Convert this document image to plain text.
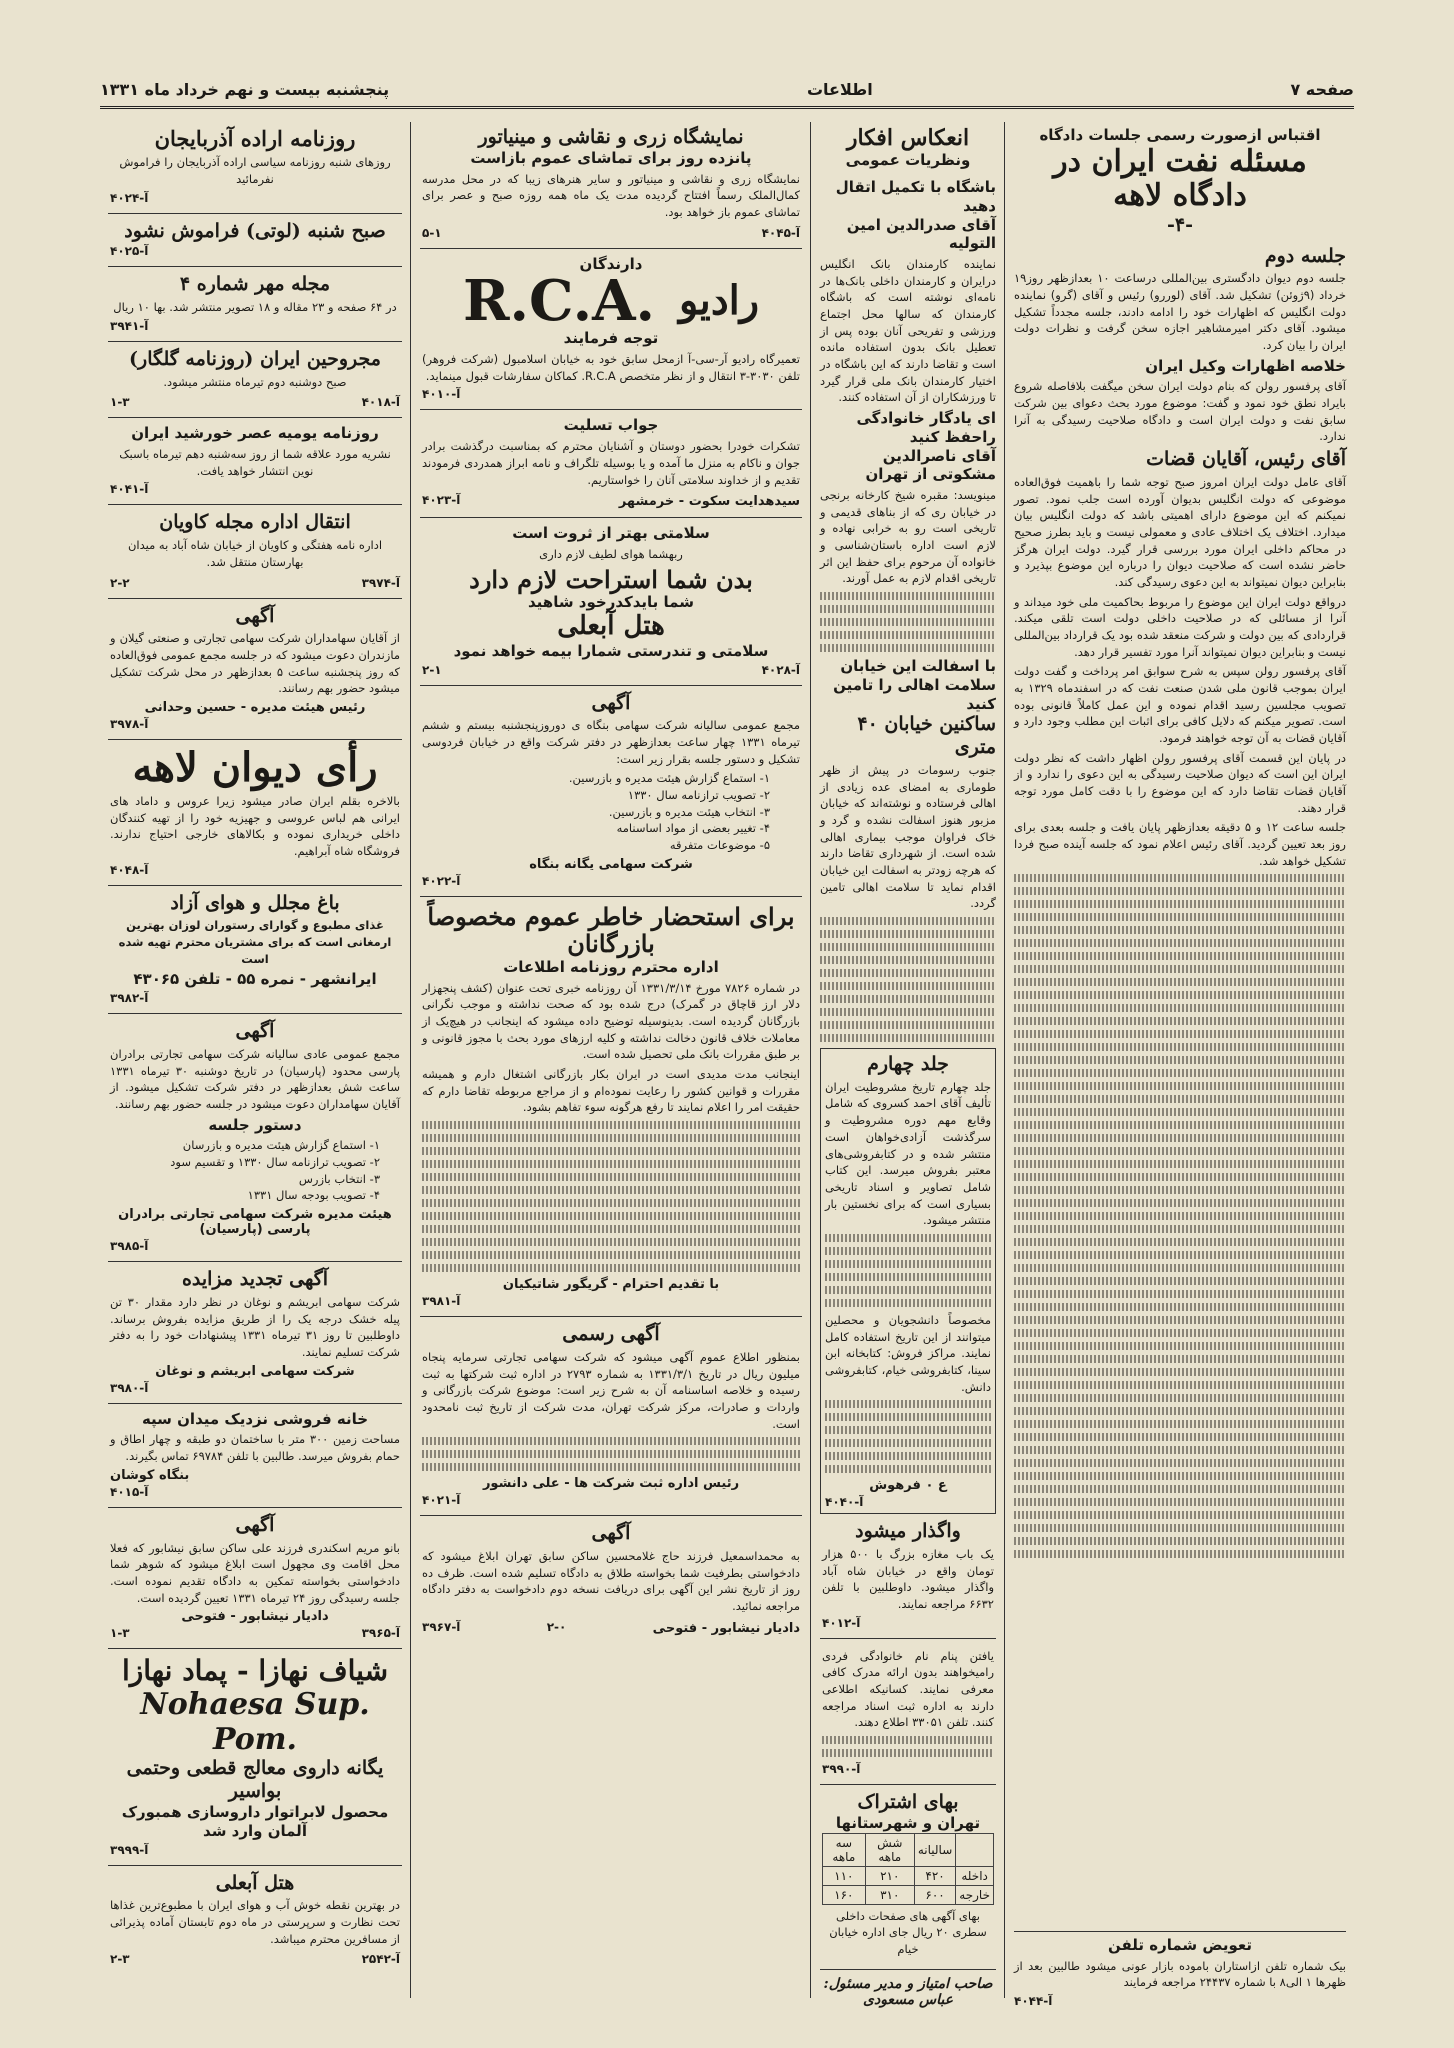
صفحه ۷
اطلاعات
پنجشنبه بیست و نهم خرداد ماه ۱۳۳۱
اقتباس ازصورت رسمی جلسات دادگاه
مسئله نفت ایران در دادگاه لاهه
-۴-
جلسه دوم

جلسه دوم دیوان دادگستری بین‌المللی درساعت ۱۰ بعدازظهر روز۱۹ خرداد (۹ژوئن) تشکیل شد. آقای (لوررو) رئیس و آقای (گرو) نماینده دولت انگلیس که اظهارات خود را ادامه دادند، جلسه مجدداً تشکیل میشود. آقای دکتر امیرمشاهیر اجازه سخن گرفت و نظرات دولت ایران را بیان کرد.

خلاصه اظهارات وکیل ایران

آقای پرفسور رولن که بنام دولت ایران سخن میگفت بلافاصله شروع بایراد نطق خود نمود و گفت: موضوع مورد بحث دعوای بین شرکت سابق نفت و دولت ایران است و دادگاه صلاحیت رسیدگی به آنرا ندارد.

آقای رئیس، آقایان قضات

آقای عامل دولت ایران امروز صبح توجه شما را باهمیت فوق‌العاده موضوعی که دولت انگلیس بدیوان آورده است جلب نمود. تصور نمیکنم که این موضوع دارای اهمیتی باشد که دولت انگلیس بیان میدارد. اختلاف یک اختلاف عادی و معمولی نیست و باید بطرز صحیح در محاکم داخلی ایران مورد بررسی قرار گیرد. دولت ایران هرگز حاضر نشده است که صلاحیت دیوان را درباره این موضوع بپذیرد و بنابراین دیوان نمیتواند به این دعوی رسیدگی کند.

درواقع دولت ایران این موضوع را مربوط بحاکمیت ملی خود میداند و آنرا از مسائلی که در صلاحیت داخلی دولت است تلقی میکند. قراردادی که بین دولت و شرکت منعقد شده بود یک قرارداد بین‌المللی نیست و بنابراین دیوان نمیتواند آنرا مورد تفسیر قرار دهد.

آقای پرفسور رولن سپس به شرح سوابق امر پرداخت و گفت دولت ایران بموجب قانون ملی شدن صنعت نفت که در اسفندماه ۱۳۲۹ به تصویب مجلسین رسید اقدام نموده و این عمل کاملاً قانونی بوده است. تصویر میکنم که دلایل کافی برای اثبات این مطلب وجود دارد و آقایان قضات به آن توجه خواهند فرمود.

در پایان این قسمت آقای پرفسور رولن اظهار داشت که نظر دولت ایران این است که دیوان صلاحیت رسیدگی به این دعوی را ندارد و از آقایان قضات تقاضا دارد که این موضوع را با دقت کامل مورد توجه قرار دهند.

جلسه ساعت ۱۲ و ۵ دقیقه بعدازظهر پایان یافت و جلسه بعدی برای روز بعد تعیین گردید. آقای رئیس اعلام نمود که جلسه آینده صبح فردا تشکیل خواهد شد.

تعویض شماره تلفن

بیک شماره تلفن ازاستاران باموده بازار عونی میشود طالبین بعد از ظهرها ۱ الی۸ با شماره ۲۴۴۳۷ مراجعه فرمایند

آ-۴۰۴۴
انعکاس افکار
ونظریات عمومی
باشگاه با تکمیل اتقال دهید
آقای صدرالدین امین التولیه

نماینده کارمندان بانک انگلیس درایران و کارمندان داخلی بانک‌ها در نامه‌ای نوشته است که باشگاه کارمندان که سالها محل اجتماع ورزشی و تفریحی آنان بوده پس از تعطیل بانک بدون استفاده مانده است و تقاضا دارند که این باشگاه در اختیار کارمندان بانک ملی قرار گیرد تا ورزشکاران از آن استفاده کنند.

ای یادگار خانوادگی راحفظ کنید
آقای ناصرالدین مشکوتی از تهران

مینویسد: مقبره شیخ کارخانه برنجی در خیابان ری که از بناهای قدیمی و تاریخی است رو به خرابی نهاده و لازم است اداره باستان‌شناسی و خانواده آن مرحوم برای حفظ این اثر تاریخی اقدام لازم به عمل آورند.

با اسفالت این خیابان سلامت اهالی را تامین کنید
ساکنین خیابان ۴۰ متری

جنوب رسومات در پیش از ظهر طومار‌ی به امضای عده زیادی از اهالی فرستاده و نوشته‌اند که خیابان مزبور هنوز اسفالت نشده و گرد و خاک فراوان موجب بیماری اهالی شده است. از شهرداری تقاضا دارند که هرچه زودتر به اسفالت این خیابان اقدام نماید تا سلامت اهالی تامین گردد.

جلد چهارم

جلد چهارم تاریخ مشروطیت ایران تألیف آقای احمد کسروی که شامل وقایع مهم دوره مشروطیت و سرگذشت آزادی‌خواهان است منتشر شده و در کتابفروشی‌های معتبر بفروش میرسد. این کتاب شامل تصاویر و اسناد تاریخی بسیاری است که برای نخستین بار منتشر میشود.

مخصوصاً دانشجویان و محصلین میتوانند از این تاریخ استفاده کامل نمایند. مراکز فروش: کتابخانه ابن سینا، کتابفروشی خیام، کتابفروشی دانش.

ع ۰ فرهوش
آ-۴۰۴۰
واگذار میشود

یک باب مغازه بزرگ با ۵۰۰ هزار تومان واقع در خیابان شاه آباد واگذار میشود. داوطلبین با تلفن ۶۶۳۲ مراجعه نمایند.

آ-۴۰۱۲

یافتن پنام نام خانوادگی فردی رامیخواهند بدون ارائه مدرک کافی معرفی نمایند. کسانیکه اطلاعی دارند به اداره ثبت اسناد مراجعه کنند. تلفن ۳۳۰۵۱ اطلاع دهند.

آ-۳۹۹۰
بهای اشتراک
تهران و شهرستانها
	سالیانه	شش ماهه	سه ماهه
داخله	۴۲۰	۲۱۰	۱۱۰
خارجه	۶۰۰	۳۱۰	۱۶۰

بهای آگهی های صفحات داخلی سطری ۲۰ ریال جای اداره خیابان خیام

صاحب امتیاز و مدیر مسئول: عباس مسعودی
نمایشگاه زری و نقاشی و مینیاتور
پانزده روز برای تماشای عموم بازاست

نمایشگاه زری و نقاشی و مینیاتور و سایر هنرهای زیبا که در محل مدرسه کمال‌الملک رسماً افتتاح گردیده مدت یک ماه همه روزه صبح و عصر برای تماشای عموم باز خواهد بود.

۵-۱	آ-۴۰۴۵
دارندگان
رادیو
R.C.A.
توجه فرمایند

تعمیرگاه رادیو آر-سی-آ ازمحل سابق خود به خیابان اسلامبول (شرکت فروهر) تلفن ۳۰۳۰-۳ انتقال و از نظر متخصص R.C.A. کماکان سفارشات قبول مینماید.

آ-۴۰۱۰
جواب تسلیت

تشکرات خودرا بحضور دوستان و آشنایان محترم که بمناسبت درگذشت برادر جوان و ناکام به منزل ما آمده و یا بوسیله تلگراف و نامه ابراز همدردی فرمودند تقدیم و از خداوند سلامتی آنان را خواستاریم.

سیدهدایت سکوت - خرمشهر
آ-۴۰۲۳
سلامتی بهتر از ثروت است
ربهشما هوای لطیف لازم داری
بدن شما استراحت لازم دارد
شما بایدکدرخود شاهید
هتل آبعلی
سلامتی و تندرستی شمارا بیمه خواهد نمود
۲-۱	آ-۴۰۲۸
آگهی

مجمع عمومی سالیانه شرکت سهامی بنگاه ی دوروزپنجشنبه بیستم و ششم تیرماه ۱۳۳۱ چهار ساعت بعدازظهر در دفتر شرکت واقع در خیابان فردوسی تشکیل و دستور جلسه بقرار زیر است:

۱- استماع گزارش هیئت مدیره و بازرسین.

۲- تصویب ترازنامه سال ۱۳۳۰

۳- انتخاب هیئت مدیره و بازرسین.

۴- تغییر بعضی از مواد اساسنامه

۵- موضوعات متفرقه

شرکت سهامی یگانه بنگاه
آ-۴۰۲۲
برای استحضار خاطر عموم مخصوصاً بازرگانان
اداره محترم روزنامه اطلاعات

در شماره ۷۸۲۶ مورخ ۱۳۳۱/۳/۱۴ آن روزنامه خبری تحت عنوان (کشف پنجهزار دلار ارز قاچاق در گمرک) درج شده بود که صحت نداشته و موجب نگرانی بازرگانان گردیده است. بدینوسیله توضیح داده میشود که اینجانب در هیچ‌یک از معاملات خلاف قانون دخالت نداشته و کلیه ارزهای مورد بحث با مجوز قانونی و بر طبق مقررات بانک ملی تحصیل شده است.

اینجانب مدت مدیدی است در ایران بکار بازرگانی اشتغال دارم و همیشه مقررات و قوانین کشور را رعایت نموده‌ام و از مراجع مربوطه تقاضا دارم که حقیقت امر را اعلام نمایند تا رفع هرگونه سوء تفاهم بشود.

با تقدیم احترام - گریگور شاتیکیان
آ-۳۹۸۱
آگهی رسمی

بمنظور اطلاع عموم آگهی میشود که شرکت سهامی تجارتی سرمایه پنجاه میلیون ریال در تاریخ ۱۳۳۱/۳/۱ به شماره ۲۷۹۳ در اداره ثبت شرکتها به ثبت رسیده و خلاصه اساسنامه آن به شرح زیر است: موضوع شرکت بازرگانی و واردات و صادرات، مرکز شرکت تهران، مدت شرکت از تاریخ ثبت نامحدود است.

رئیس اداره ثبت شرکت ها - علی دانشور
آ-۴۰۲۱
آگهی

به محمداسمعیل فرزند حاج غلامحسین ساکن سابق تهران ابلاغ میشود که دادخواستی بطرفیت شما بخواسته طلاق به دادگاه تسلیم شده است. ظرف ده روز از تاریخ نشر این آگهی برای دریافت نسخه دوم دادخواست به دفتر دادگاه مراجعه نمائید.

دادیار نیشابور - فتوحی
۲-۰
آ-۳۹۶۷
روزنامه اراده آذربایجان

روزهای شنبه روزنامه سیاسی اراده آذربایجان را فراموش نفرمائید

آ-۴۰۲۴
صبح شنبه (لوتی) فراموش نشود
آ-۴۰۲۵
مجله مهر شماره ۴

در ۶۴ صفحه و ۲۳ مقاله و ۱۸ تصویر منتشر شد. بها ۱۰ ریال

آ-۳۹۴۱
مجروحین ایران (روزنامه گلگار)

صبح دوشنبه دوم تیرماه منتشر میشود.

۱-۳	آ-۴۰۱۸
روزنامه یومیه عصر خورشید ایران

نشریه مورد علاقه شما از روز سه‌شنبه دهم تیرماه باسبک نوین انتشار خواهد یافت.

آ-۴۰۴۱
انتقال اداره مجله کاویان

اداره نامه هفتگی و کاویان از خیابان شاه آباد به میدان بهارستان منتقل شد.

۲-۲	آ-۳۹۷۴
آگهی

از آقایان سهامداران شرکت سهامی تجارتی و صنعتی گیلان و مازندران دعوت میشود که در جلسه مجمع عمومی فوق‌العاده که روز پنجشنبه ساعت ۵ بعدازظهر در محل شرکت تشکیل میشود حضور بهم رسانند.

رئیس هیئت مدیره - حسین وحدانی
آ-۳۹۷۸
رأی دیوان لاهه

بالاخره بقلم ایران صادر میشود زیرا عروس و داماد های ایرانی هم لباس عروسی و جهیزیه خود را از تهیه کنندگان داخلی خریداری نموده و بکالاهای خارجی احتیاج ندارند. فروشگاه شاه آبراهیم.

آ-۴۰۴۸
باغ مجلل و هوای آزاد

غذای مطبوع و گوارای رستوران لوزان بهترین ارمغانی است که برای مشتریان محترم تهیه شده است

ایرانشهر - نمره ۵۵ - تلفن ۴۳۰۶۵
آ-۳۹۸۲
آگهی

مجمع عمومی عادی سالیانه شرکت سهامی تجارتی برادران پارسی محدود (پارسیان) در تاریخ دوشنبه ۳۰ تیرماه ۱۳۳۱ ساعت شش بعدازظهر در دفتر شرکت تشکیل میشود. از آقایان سهامداران دعوت میشود در جلسه حضور بهم رسانند.

دستور جلسه

۱- استماع گزارش هیئت مدیره و بازرسان

۲- تصویب ترازنامه سال ۱۳۳۰ و تقسیم سود

۳- انتخاب بازرس

۴- تصویب بودجه سال ۱۳۳۱

هیئت مدیره شرکت سهامی تجارتی برادران پارسی (پارسیان)
آ-۳۹۸۵
آگهی تجدید مزایده

شرکت سهامی ابریشم و نوغان در نظر دارد مقدار ۳۰ تن پیله خشک درجه یک را از طریق مزایده بفروش برساند. داوطلبین تا روز ۳۱ تیرماه ۱۳۳۱ پیشنهادات خود را به دفتر شرکت تسلیم نمایند.

شرکت سهامی ابریشم و نوغان
آ-۳۹۸۰
خانه فروشی نزدیک میدان سپه

مساحت زمین ۳۰۰ متر با ساختمان دو طبقه و چهار اطاق و حمام بفروش میرسد. طالبین با تلفن ۶۹۷۸۴ تماس بگیرند.

بنگاه کوشان
آ-۴۰۱۵
آگهی

بانو مریم اسکندری فرزند علی ساکن سابق نیشابور که فعلا محل اقامت وی مجهول است ابلاغ میشود که شوهر شما دادخواستی بخواسته تمکین به دادگاه تقدیم نموده است. جلسه رسیدگی روز ۲۴ تیرماه ۱۳۳۱ تعیین گردیده است.

دادیار نیشابور - فتوحی
۱-۳	آ-۳۹۶۵
شیاف نهازا - پماد نهازا
Nohaesa Sup. Pom.
یگانه داروی معالج قطعی وحتمی بواسیر
محصول لابراتوار داروسازی همبورک آلمان وارد شد
آ-۳۹۹۹
هتل آبعلی

در بهترین نقطه خوش آب و هوای ایران با مطبوع‌ترین غذاها تحت نظارت و سرپرستی در ماه دوم تابستان آماده پذیرائی از مسافرین محترم میباشد.

۲-۳	آ-۲۵۴۲
